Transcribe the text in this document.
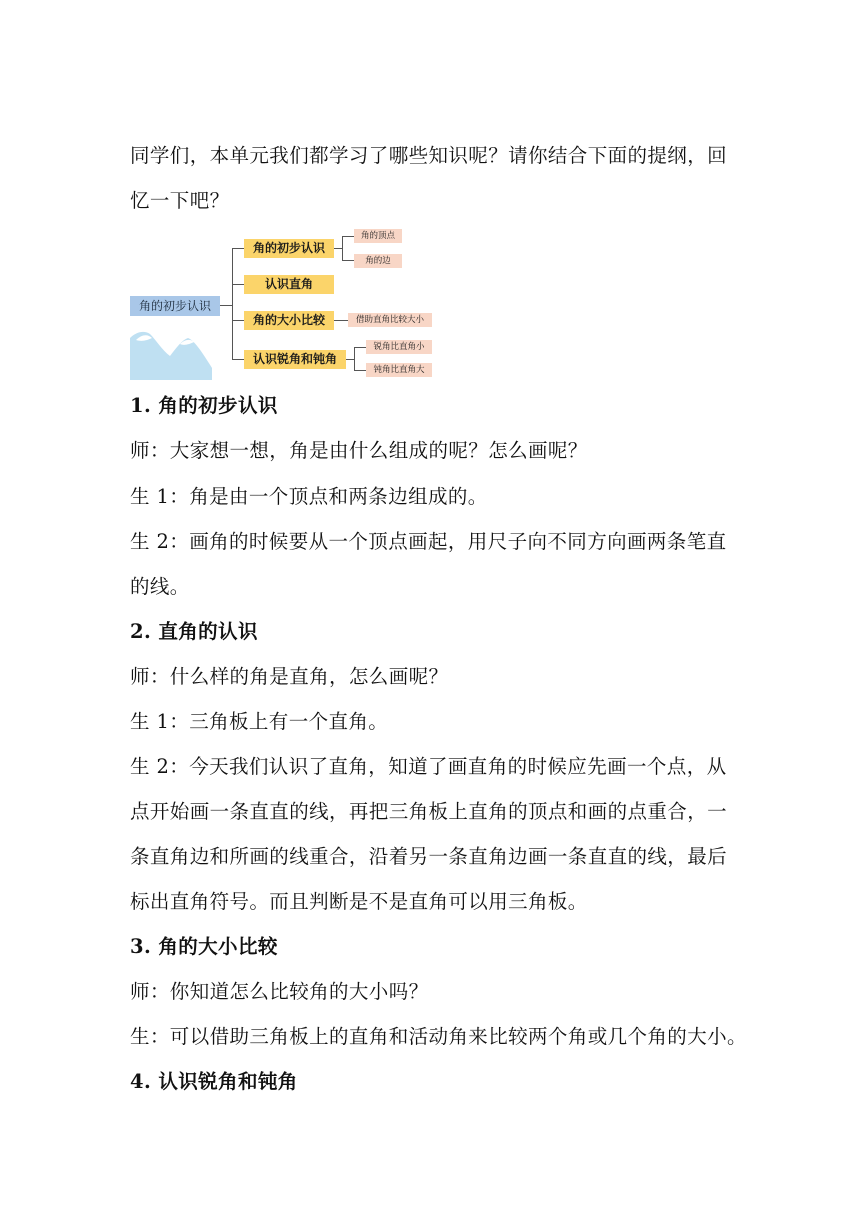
同学们，本单元我们都学习了哪些知识呢？请你结合下面的提纲，回
忆一下吧？
角的初步认识
角的初步认识
认识直角
角的大小比较
认识锐角和钝角
角的顶点
角的边
借助直角比较大小
锐角比直角小
钝角比直角大
1. 角的初步认识
师：大家想一想，角是由什么组成的呢？怎么画呢？
生 1：角是由一个顶点和两条边组成的。
生 2：画角的时候要从一个顶点画起，用尺子向不同方向画两条笔直
的线。
2. 直角的认识
师：什么样的角是直角，怎么画呢？
生 1：三角板上有一个直角。
生 2：今天我们认识了直角，知道了画直角的时候应先画一个点，从
点开始画一条直直的线，再把三角板上直角的顶点和画的点重合，一
条直角边和所画的线重合，沿着另一条直角边画一条直直的线，最后
标出直角符号。而且判断是不是直角可以用三角板。
3. 角的大小比较
师：你知道怎么比较角的大小吗？
生：可以借助三角板上的直角和活动角来比较两个角或几个角的大小。
4. 认识锐角和钝角
